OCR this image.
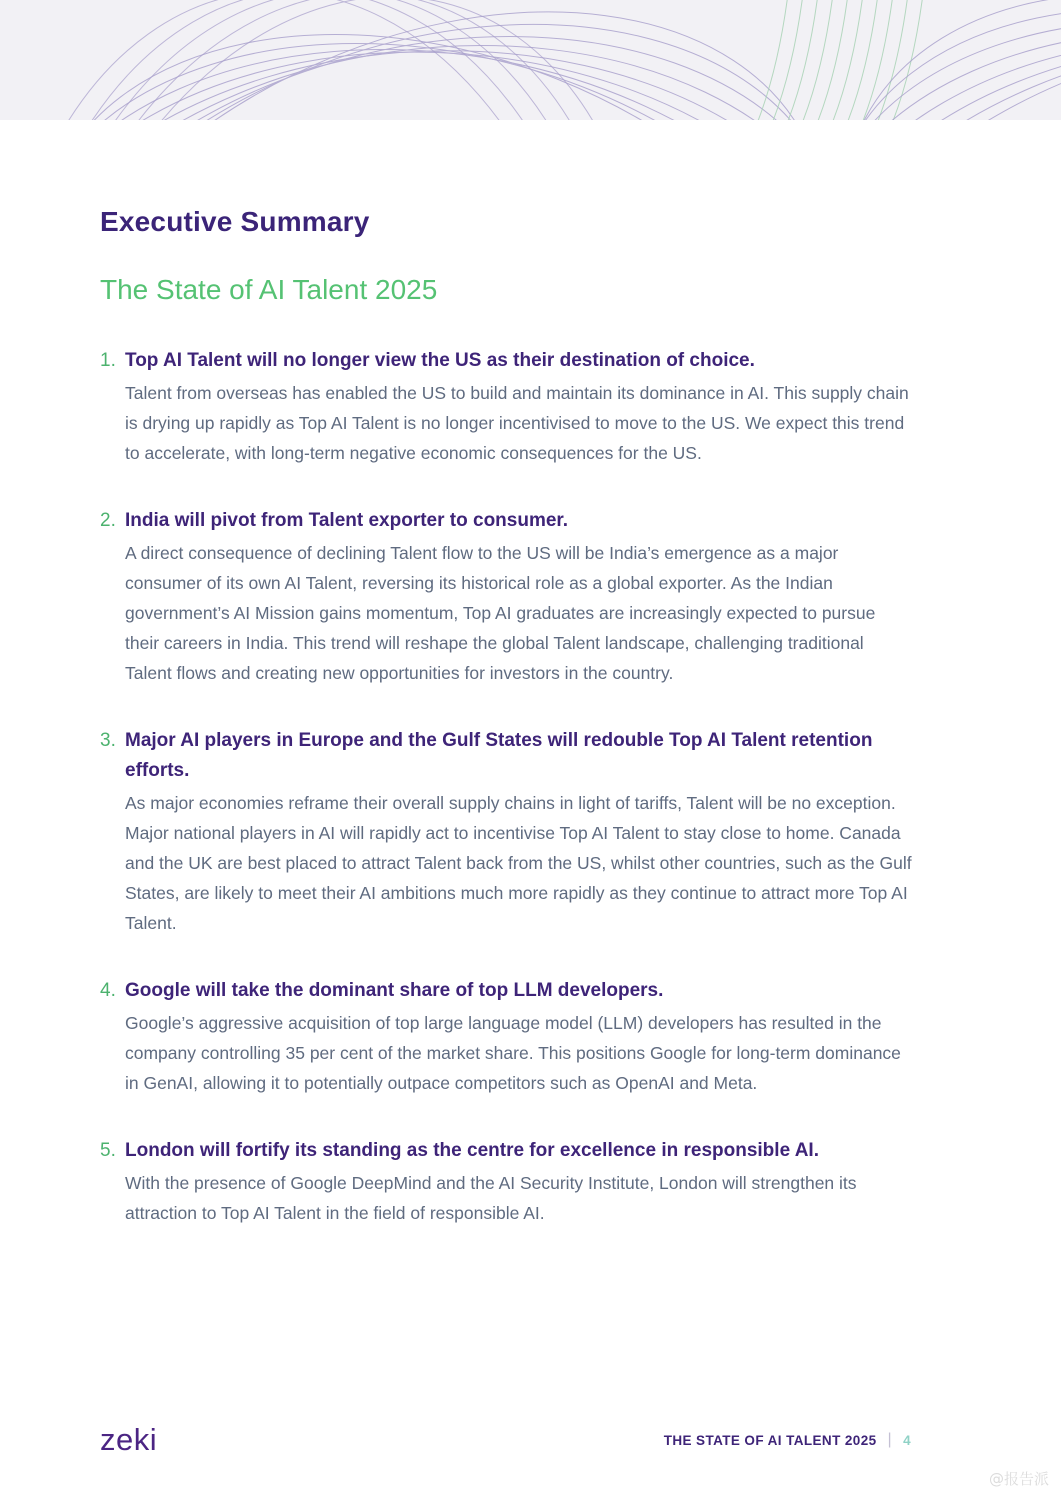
Executive Summary
The State of AI Talent 2025
1. Top AI Talent will no longer view the US as their destination of choice.
Talent from overseas has enabled the US to build and maintain its dominance in AI. This supply chain is drying up rapidly as Top AI Talent is no longer incentivised to move to the US. We expect this trend to accelerate, with long-term negative economic consequences for the US.
2. India will pivot from Talent exporter to consumer.
A direct consequence of declining Talent flow to the US will be India’s emergence as a major consumer of its own AI Talent, reversing its historical role as a global exporter. As the Indian government’s AI Mission gains momentum, Top AI graduates are increasingly expected to pursue their careers in India. This trend will reshape the global Talent landscape, challenging traditional Talent flows and creating new opportunities for investors in the country.
3. Major AI players in Europe and the Gulf States will redouble Top AI Talent retention efforts.
As major economies reframe their overall supply chains in light of tariffs, Talent will be no exception. Major national players in AI will rapidly act to incentivise Top AI Talent to stay close to home. Canada and the UK are best placed to attract Talent back from the US, whilst other countries, such as the Gulf States, are likely to meet their AI ambitions much more rapidly as they continue to attract more Top AI Talent.
4. Google will take the dominant share of top LLM developers.
Google’s aggressive acquisition of top large language model (LLM) developers has resulted in the company controlling 35 per cent of the market share. This positions Google for long-term dominance in GenAI, allowing it to potentially outpace competitors such as OpenAI and Meta.
5. London will fortify its standing as the centre for excellence in responsible AI.
With the presence of Google DeepMind and the AI Security Institute, London will strengthen its attraction to Top AI Talent in the field of responsible AI.
zeki	THE STATE OF AI TALENT 2025 | 4
@报告派
